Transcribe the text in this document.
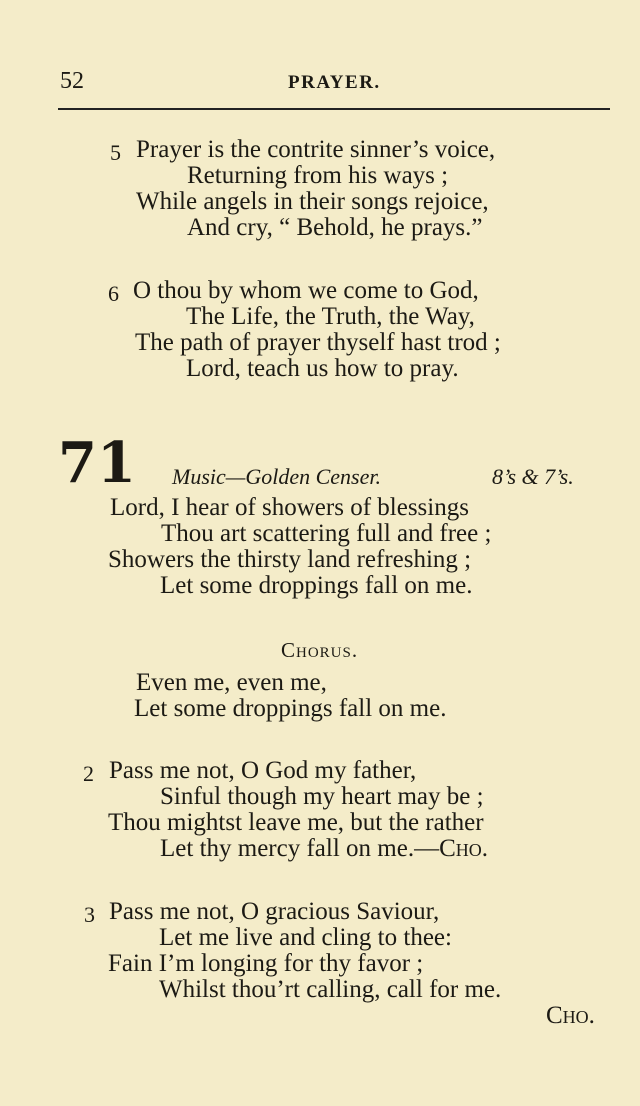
52	PRAYER.
5 Prayer is the contrite sinner’s voice,
Returning from his ways ;
While angels in their songs rejoice,
And cry, “ Behold, he prays.”
6 O thou by whom we come to God,
The Life, the Truth, the Way,
The path of prayer thyself hast trod ;
Lord, teach us how to pray.
71 Music—Golden Censer.	8’s & 7’s.
Lord, I hear of showers of blessings
Thou art scattering full and free ;
Showers the thirsty land refreshing ;
Let some droppings fall on me.
Chorus.
Even me, even me,
Let some droppings fall on me.
2 Pass me not, O God my father,
Sinful though my heart may be ;
Thou mightst leave me, but the rather
Let thy mercy fall on me.—Cho.
3 Pass me not, O gracious Saviour,
Let me live and cling to thee:
Fain I’m longing for thy favor ;
Whilst thou’rt calling, call for me.
Cho.
